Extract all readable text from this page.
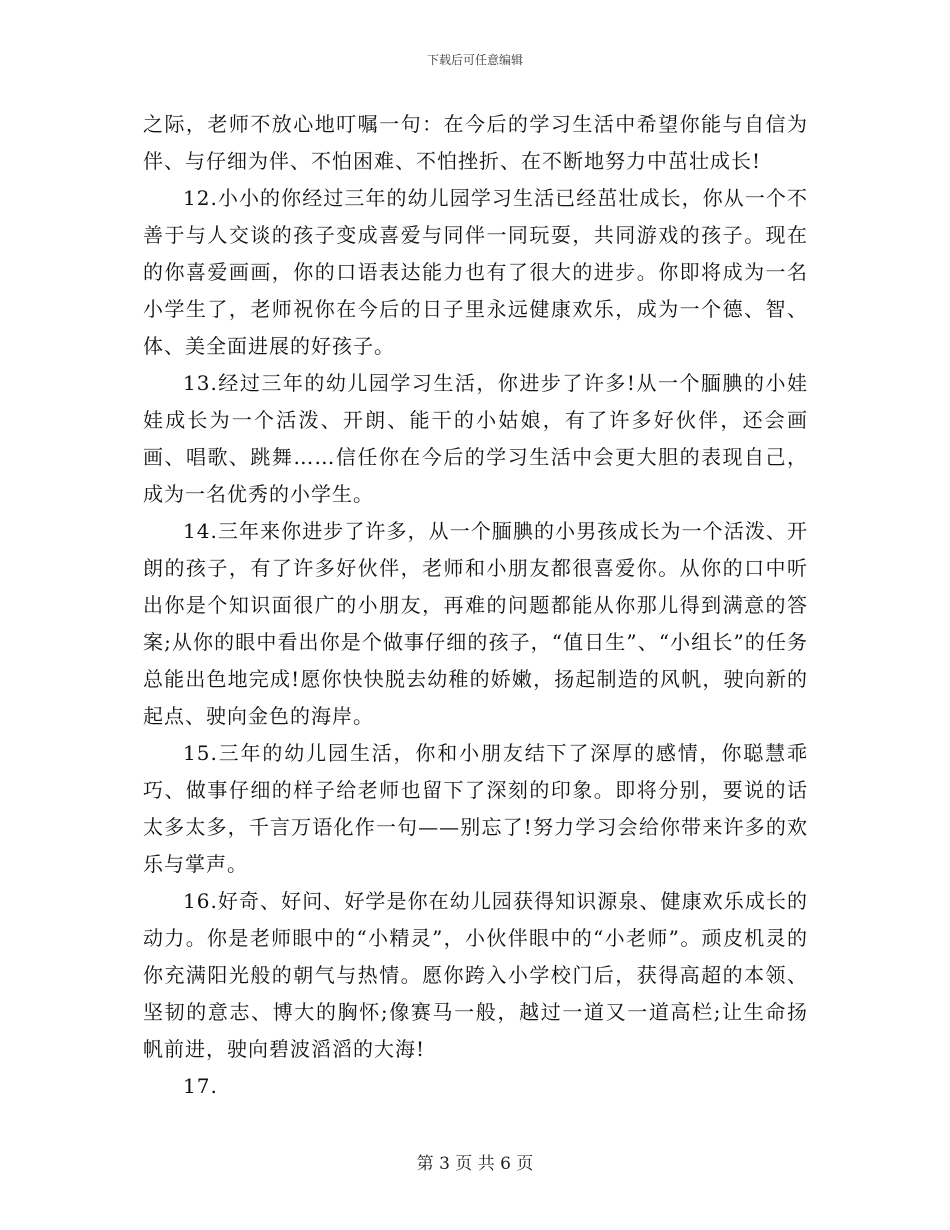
下载后可任意编辑

之际，老师不放心地叮嘱一句：在今后的学习生活中希望你能与自信为伴、与仔细为伴、不怕困难、不怕挫折、在不断地努力中茁壮成长!

12.小小的你经过三年的幼儿园学习生活已经茁壮成长，你从一个不善于与人交谈的孩子变成喜爱与同伴一同玩耍，共同游戏的孩子。现在的你喜爱画画，你的口语表达能力也有了很大的进步。你即将成为一名小学生了，老师祝你在今后的日子里永远健康欢乐，成为一个德、智、体、美全面进展的好孩子。

13.经过三年的幼儿园学习生活，你进步了许多!从一个腼腆的小娃娃成长为一个活泼、开朗、能干的小姑娘，有了许多好伙伴，还会画画、唱歌、跳舞……信任你在今后的学习生活中会更大胆的表现自己，成为一名优秀的小学生。

14.三年来你进步了许多，从一个腼腆的小男孩成长为一个活泼、开朗的孩子，有了许多好伙伴，老师和小朋友都很喜爱你。从你的口中听出你是个知识面很广的小朋友，再难的问题都能从你那儿得到满意的答案;从你的眼中看出你是个做事仔细的孩子，“值日生”、“小组长”的任务总能出色地完成!愿你快快脱去幼稚的娇嫩，扬起制造的风帆，驶向新的起点、驶向金色的海岸。

15.三年的幼儿园生活，你和小朋友结下了深厚的感情，你聪慧乖巧、做事仔细的样子给老师也留下了深刻的印象。即将分别，要说的话太多太多，千言万语化作一句——别忘了!努力学习会给你带来许多的欢乐与掌声。

16.好奇、好问、好学是你在幼儿园获得知识源泉、健康欢乐成长的动力。你是老师眼中的“小精灵”，小伙伴眼中的“小老师”。顽皮机灵的你充满阳光般的朝气与热情。愿你跨入小学校门后，获得高超的本领、坚韧的意志、博大的胸怀;像赛马一般，越过一道又一道高栏;让生命扬帆前进，驶向碧波滔滔的大海!

17.

第 3 页 共 6 页
